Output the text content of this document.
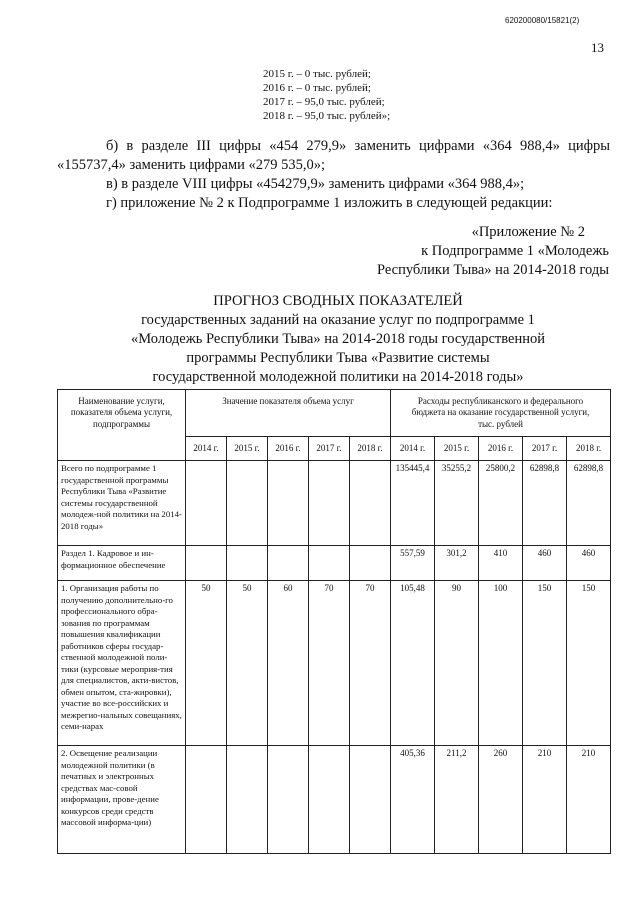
620200080/15821(2)
13
2015 г. – 0 тыс. рублей;
2016 г. – 0 тыс. рублей;
2017 г. – 95,0 тыс. рублей;
2018 г. – 95,0 тыс. рублей»;
б) в разделе III цифры «454 279,9» заменить цифрами «364 988,4» цифры
«155737,4» заменить цифрами «279 535,0»;
в) в разделе VIII цифры «454279,9» заменить цифрами «364 988,4»;
г) приложение № 2 к Подпрограмме 1 изложить в следующей редакции:
«Приложение № 2
к Подпрограмме 1 «Молодежь
Республики Тыва» на 2014-2018 годы
ПРОГНОЗ СВОДНЫХ ПОКАЗАТЕЛЕЙ
государственных заданий на оказание услуг по подпрограмме 1
«Молодежь Республики Тыва» на 2014-2018 годы государственной
программы Республики Тыва «Развитие системы
государственной молодежной политики на 2014-2018 годы»
Наименование услуги, показателя объема услуги, подпрограммы	Значение показателя объема услуг					Расходы республиканского и федерального бюджета на оказание государственной услуги, тыс. рублей				
	2014 г.	2015 г.	2016 г.	2017 г.	2018 г.	2014 г.	2015 г.	2016 г.	2017 г.	2018 г.
Всего по подпрограмме 1 государственной программы Республики Тыва «Развитие системы государственной молодеж-ной политики на 2014-2018 годы»						135445,4	35255,2	25800,2	62898,8	62898,8
Раздел 1. Кадровое и ин-формационное обеспечение						557,59	301,2	410	460	460
1. Организация работы по получению дополнительно-го профессионального обра-зования по программам повышения квалификации работников сферы государ-ственной молодежной поли-тики (курсовые мероприя-тия для специалистов, акти-вистов, обмен опытом, ста-жировки), участие во все-российских и межрегио-нальных совещаниях, семи-нарах	50	50	60	70	70	105,48	90	100	150	150
2. Освещение реализации молодежной политики (в печатных и электронных средствах мас-совой информации, прове-дение конкурсов среди средств массовой информа-ции)						405,36	211,2	260	210	210
